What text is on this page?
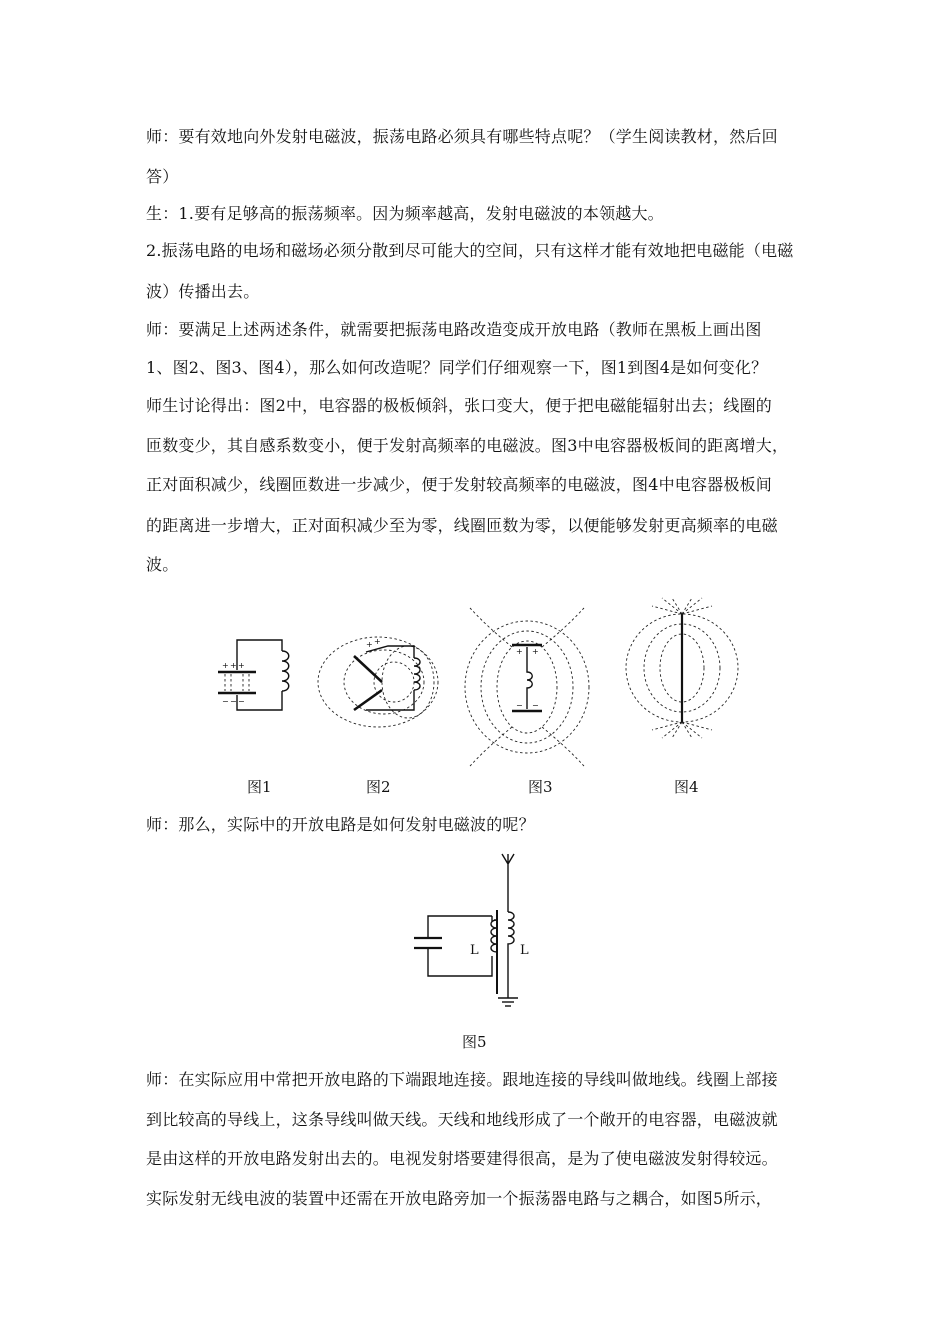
师：要有效地向外发射电磁波，振荡电路必须具有哪些特点呢？（学生阅读教材，然后回
答）
生：1.要有足够高的振荡频率。因为频率越高，发射电磁波的本领越大。
2.振荡电路的电场和磁场必须分散到尽可能大的空间，只有这样才能有效地把电磁能（电磁
波）传播出去。
师：要满足上述两述条件，就需要把振荡电路改造变成开放电路（教师在黑板上画出图
1、图2、图3、图4），那么如何改造呢？同学们仔细观察一下，图1到图4是如何变化？
师生讨论得出：图2中，电容器的极板倾斜，张口变大，便于把电磁能辐射出去；线圈的
匝数变少，其自感系数变小，便于发射高频率的电磁波。图3中电容器极板间的距离增大，
正对面积减少，线圈匝数进一步减少，便于发射较高频率的电磁波，图4中电容器极板间
的距离进一步增大，正对面积减少至为零，线圈匝数为零，以便能够发射更高频率的电磁
波。
+ + +
− − −
+ +
+ +
− −
图1	图2	图3	图4
师：那么，实际中的开放电路是如何发射电磁波的呢？
L	L
图5
师：在实际应用中常把开放电路的下端跟地连接。跟地连接的导线叫做地线。线圈上部接
到比较高的导线上，这条导线叫做天线。天线和地线形成了一个敞开的电容器，电磁波就
是由这样的开放电路发射出去的。电视发射塔要建得很高，是为了使电磁波发射得较远。
实际发射无线电波的装置中还需在开放电路旁加一个振荡器电路与之耦合，如图5所示，
